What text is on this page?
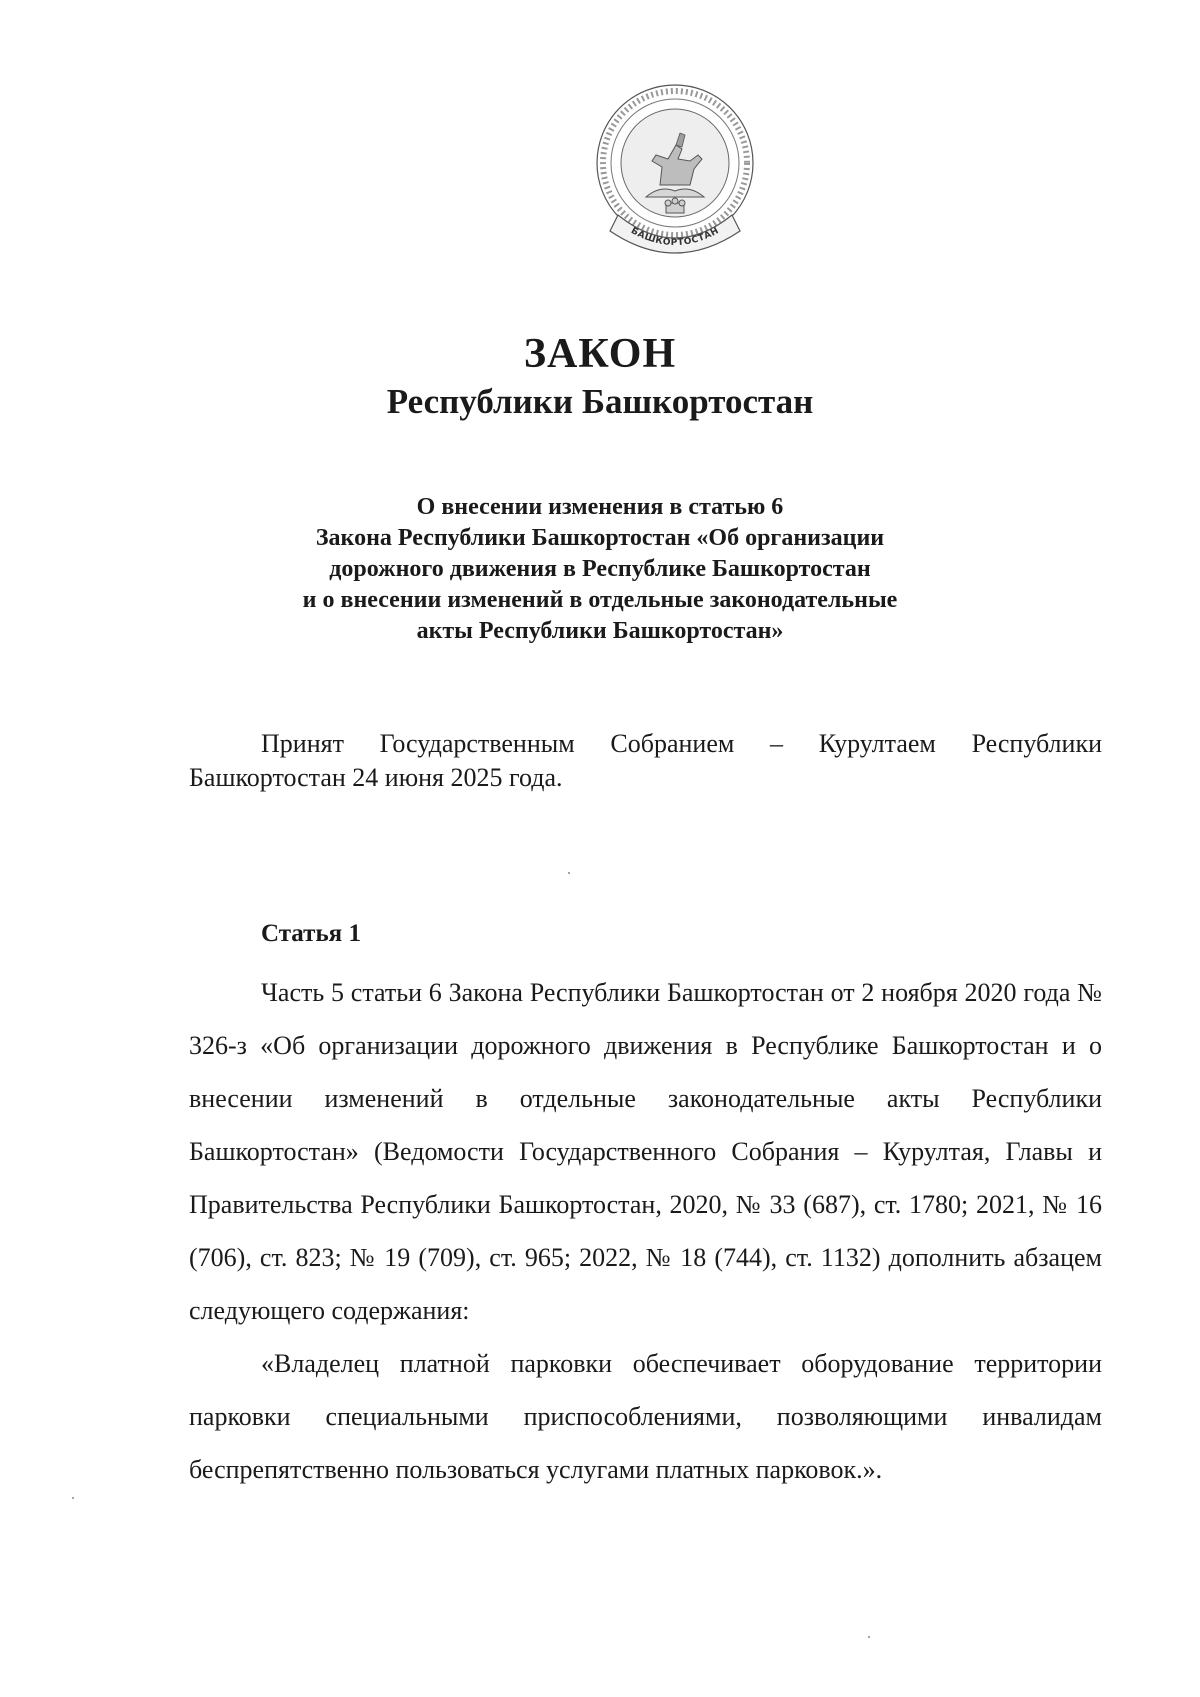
БАШКОРТОСТАН
ЗАКОН
Республики Башкортостан
О внесении изменения в статью 6
Закона Республики Башкортостан «Об организации
дорожного движения в Республике Башкортостан
и о внесении изменений в отдельные законодательные
акты Республики Башкортостан»
Принят Государственным Собранием – Курултаем Республики Башкортостан 24 июня 2025 года.
Статья 1

Часть 5 статьи 6 Закона Республики Башкортостан от 2 ноября 2020 года № 326-з «Об организации дорожного движения в Республике Башкортостан и о внесении изменений в отдельные законодательные акты Республики Башкортостан» (Ведомости Государственного Собрания – Курултая, Главы и Правительства Республики Башкортостан, 2020, № 33 (687), ст. 1780; 2021, № 16 (706), ст. 823; № 19 (709), ст. 965; 2022, № 18 (744), ст. 1132) дополнить абзацем следующего содержания:

«Владелец платной парковки обеспечивает оборудование территории парковки специальными приспособлениями, позволяющими инвалидам беспрепятственно пользоваться услугами платных парковок.».
